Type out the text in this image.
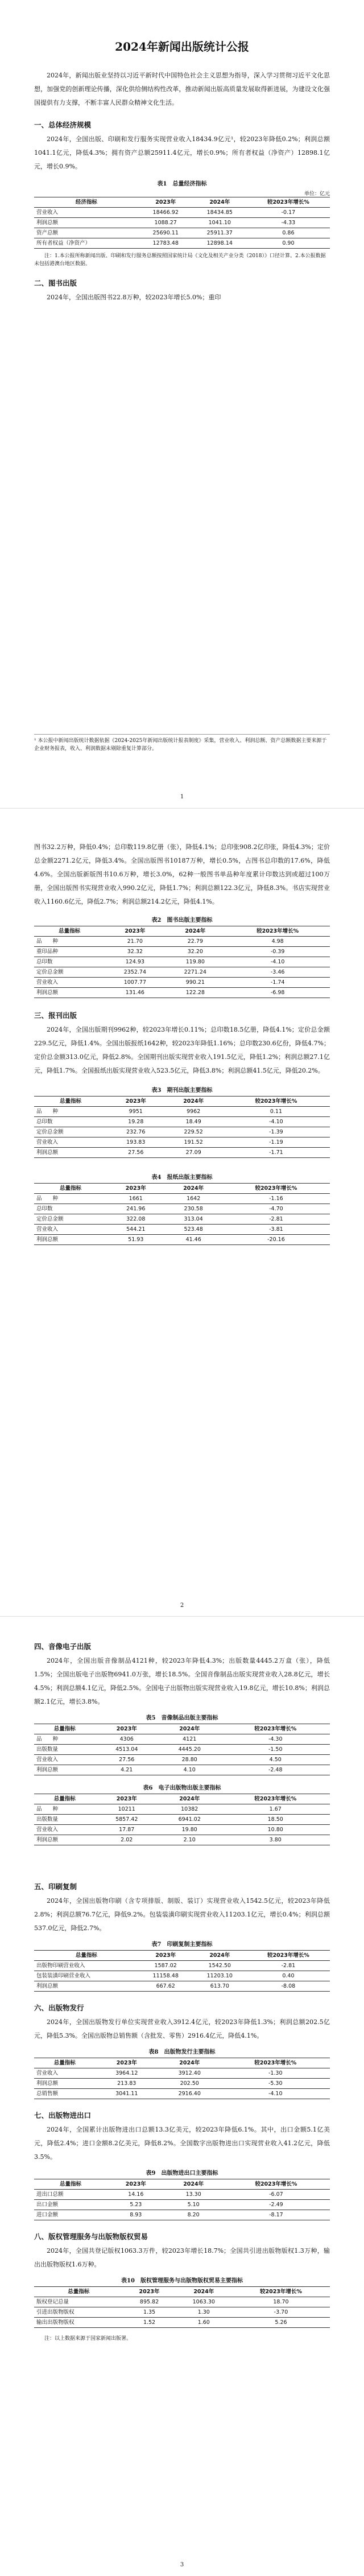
2024年新闻出版统计公报

2024年，新闻出版业坚持以习近平新时代中国特色社会主义思想为指导，深入学习贯彻习近平文化思想，加强党的创新理论传播，深化供给侧结构性改革，推动新闻出版高质量发展取得新进展，为建设文化强国提供有力支撑，不断丰富人民群众精神文化生活。

一、总体经济规模

2024年，全国出版、印刷和发行服务实现营业收入18434.9亿元¹，较2023年降低0.2%；利润总额1041.1亿元，降低4.3%；拥有资产总额25911.4亿元，增长0.9%；所有者权益（净资产）12898.1亿元，增长0.9%。

表1　总量经济指标
单位：亿元
经济指标	2023年	2024年	较2023年增长%
营业收入	18466.92	18434.85	-0.17
利润总额	1088.27	1041.10	-4.33
资产总额	25690.11	25911.37	0.86
所有者权益（净资产）	12783.48	12898.14	0.90
注：1.本公报所称新闻出版、印刷和发行服务总额按照国家统计局《文化及相关产业分类（2018）》口径计算。2.本公报数据未包括港澳台地区数据。
二、图书出版

2024年，全国出版图书22.8万种，较2023年增长5.0%；重印

¹ 本公报中新闻出版统计数据依据《2024-2025年新闻出版统计报表制度》采集，营业收入、利润总额、资产总额数据主要来源于企业财务报表，收入、利润数据未剔除重复计算部分。
1

图书32.2万种，降低0.4%；总印数119.8亿册（张），降低4.1%；总印张908.2亿印张，降低4.3%；定价总金额2271.2亿元，降低3.4%。全国出版图书10187万种，增长0.5%，占图书总印数的17.6%，降低4.6%。全国出版新版图书10.6万种，增长3.0%，62种一般图书单品种年度累计印数达到或超过100万册，全国出版图书实现营业收入990.2亿元，降低1.7%；利润总额122.3亿元，降低8.3%。书店实现营业收入1160.6亿元，降低2.7%；利润总额214.2亿元，降低4.1%。

表2　图书出版主要指标
总量指标	2023年	2024年	较2023年增长%
品　　种	21.70	22.79	4.98
重印品种	32.32	32.20	-0.39
总印数	124.93	119.80	-4.10
定价总金额	2352.74	2271.24	-3.46
营业收入	1007.77	990.21	-1.74
利润总额	131.46	122.28	-6.98
三、报刊出版

2024年，全国出版期刊9962种，较2023年增长0.11%；总印数18.5亿册，降低4.1%；定价总金额229.5亿元，降低1.4%。全国出版报纸1642种，较2023年降低1.16%；总印数230.6亿份，降低4.7%；定价总金额313.0亿元，降低2.8%。全国期刊出版实现营业收入191.5亿元，降低1.2%；利润总额27.1亿元，降低1.7%。全国报纸出版实现营业收入523.5亿元，降低3.8%；利润总额41.5亿元，降低20.2%。

表3　期刊出版主要指标
总量指标	2023年	2024年	较2023年增长%
品　　种	9951	9962	0.11
总印数	19.28	18.49	-4.10
定价总金额	232.76	229.52	-1.39
营业收入	193.83	191.52	-1.19
利润总额	27.56	27.09	-1.71
表4　报纸出版主要指标
总量指标	2023年	2024年	较2023年增长%
品　　种	1661	1642	-1.16
总印数	241.96	230.58	-4.70
定价总金额	322.08	313.04	-2.81
营业收入	544.21	523.48	-3.81
利润总额	51.93	41.46	-20.16
2
四、音像电子出版

2024年，全国出版音像制品4121种，较2023年降低4.3%；出版数量4445.2万盒（张），降低1.5%；全国出版电子出版物6941.0万张，增长18.5%。全国音像制品出版实现营业收入28.8亿元，增长4.5%；利润总额4.1亿元，降低2.5%。全国电子出版物出版实现营业收入19.8亿元，增长10.8%；利润总额2.1亿元，增长3.8%。

表5　音像制品出版主要指标
总量指标	2023年	2024年	较2023年增长%
品　　种	4306	4121	-4.30
出版数量	4513.04	4445.20	-1.50
营业收入	27.56	28.80	4.50
利润总额	4.21	4.10	-2.48
表6　电子出版物出版主要指标
总量指标	2023年	2024年	较2023年增长%
品　　种	10211	10382	1.67
出版数量	5857.42	6941.02	18.50
营业收入	17.87	19.80	10.80
利润总额	2.02	2.10	3.80
五、印刷复制

2024年，全国出版物印刷（含专项排版、制版、装订）实现营业收入1542.5亿元，较2023年降低2.8%；利润总额76.7亿元，降低9.2%。包装装潢印刷实现营业收入11203.1亿元，增长0.4%；利润总额537.0亿元，降低2.7%。

表7　印刷复制主要指标
总量指标	2023年	2024年	较2023年增长%
出版物印刷营业收入	1587.02	1542.50	-2.81
包装装潢印刷营业收入	11158.48	11203.10	0.40
利润总额	667.62	613.70	-8.08
六、出版物发行

2024年，全国出版物发行单位实现营业收入3912.4亿元，较2023年降低1.3%；利润总额202.5亿元，降低5.3%。全国出版物总销售额（含批发、零售）2916.4亿元，降低4.1%。

表8　出版物发行主要指标
总量指标	2023年	2024年	较2023年增长%
营业收入	3964.12	3912.40	-1.30
利润总额	213.83	202.50	-5.30
总销售额	3041.11	2916.40	-4.10
七、出版物进出口

2024年，全国累计出版物进出口总额13.3亿美元，较2023年降低6.1%。其中，出口金额5.1亿美元，降低2.4%；进口金额8.2亿美元，降低8.2%。全国数字出版物进出口实现营业收入41.2亿元，降低3.5%。

表9　出版物进出口主要指标
总量指标	2023年	2024年	较2023年增长%
进出口总额	14.16	13.30	-6.07
出口金额	5.23	5.10	-2.49
进口金额	8.93	8.20	-8.17
八、版权管理服务与出版物版权贸易

2024年，全国共登记版权1063.3万件，较2023年增长18.7%；全国共引进出版物版权1.3万种，输出出版物版权1.6万种。

表10　版权管理服务与出版物版权贸易主要指标
总量指标	2023年	2024年	较2023年增长%
版权登记总量	895.82	1063.30	18.70
引进出版物版权	1.35	1.30	-3.70
输出出版物版权	1.52	1.60	5.26
注：以上数据来源于国家新闻出版署。
3
